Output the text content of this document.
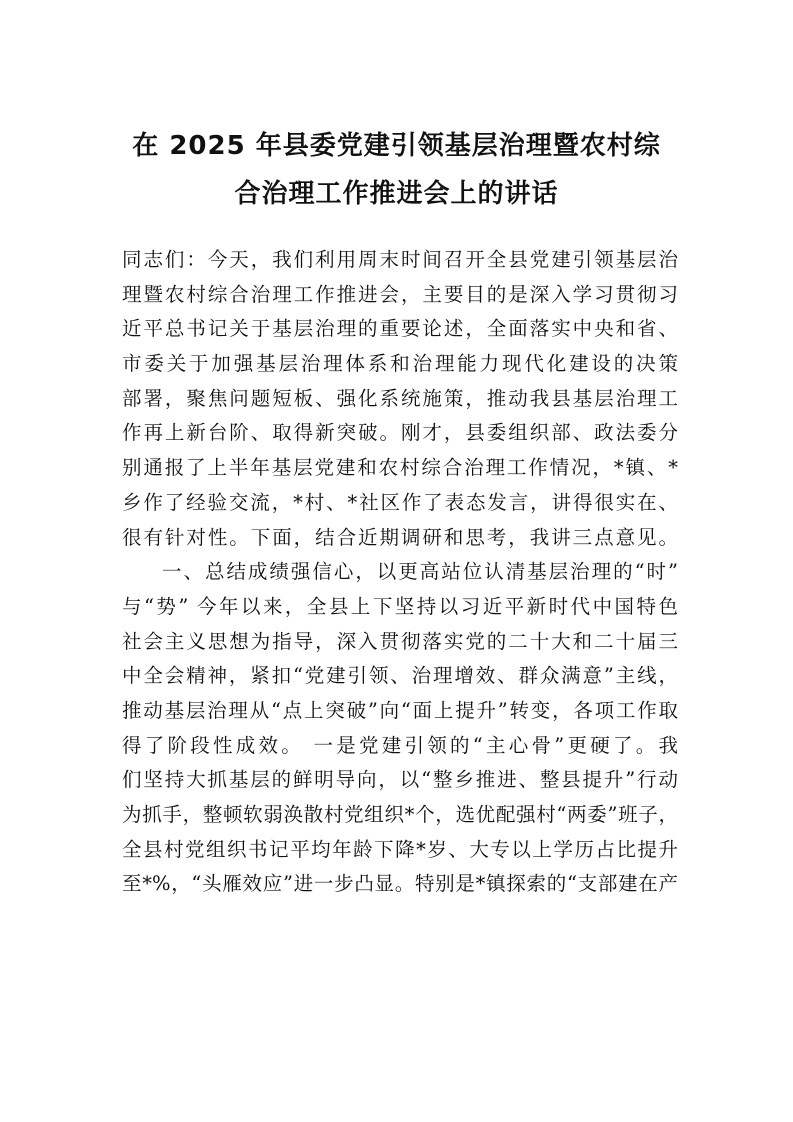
在 2025 年县委党建引领基层治理暨农村综
合治理工作推进会上的讲话
同志们：今天，我们利用周末时间召开全县党建引领基层治
理暨农村综合治理工作推进会，主要目的是深入学习贯彻习
近平总书记关于基层治理的重要论述，全面落实中央和省、
市委关于加强基层治理体系和治理能力现代化建设的决策
部署，聚焦问题短板、强化系统施策，推动我县基层治理工
作再上新台阶、取得新突破。刚才，县委组织部、政法委分
别通报了上半年基层党建和农村综合治理工作情况，*镇、*
乡作了经验交流，*村、*社区作了表态发言，讲得很实在、
很有针对性。下面，结合近期调研和思考，我讲三点意见。
一、总结成绩强信心，以更高站位认清基层治理的“时”
与“势” 今年以来，全县上下坚持以习近平新时代中国特色
社会主义思想为指导，深入贯彻落实党的二十大和二十届三
中全会精神，紧扣“党建引领、治理增效、群众满意”主线，
推动基层治理从“点上突破”向“面上提升”转变，各项工作取
得了阶段性成效。 一是党建引领的“主心骨”更硬了。我
们坚持大抓基层的鲜明导向，以“整乡推进、整县提升”行动
为抓手，整顿软弱涣散村党组织*个，选优配强村“两委”班子，
全县村党组织书记平均年龄下降*岁、大专以上学历占比提升
至*%，“头雁效应”进一步凸显。特别是*镇探索的“支部建在产
